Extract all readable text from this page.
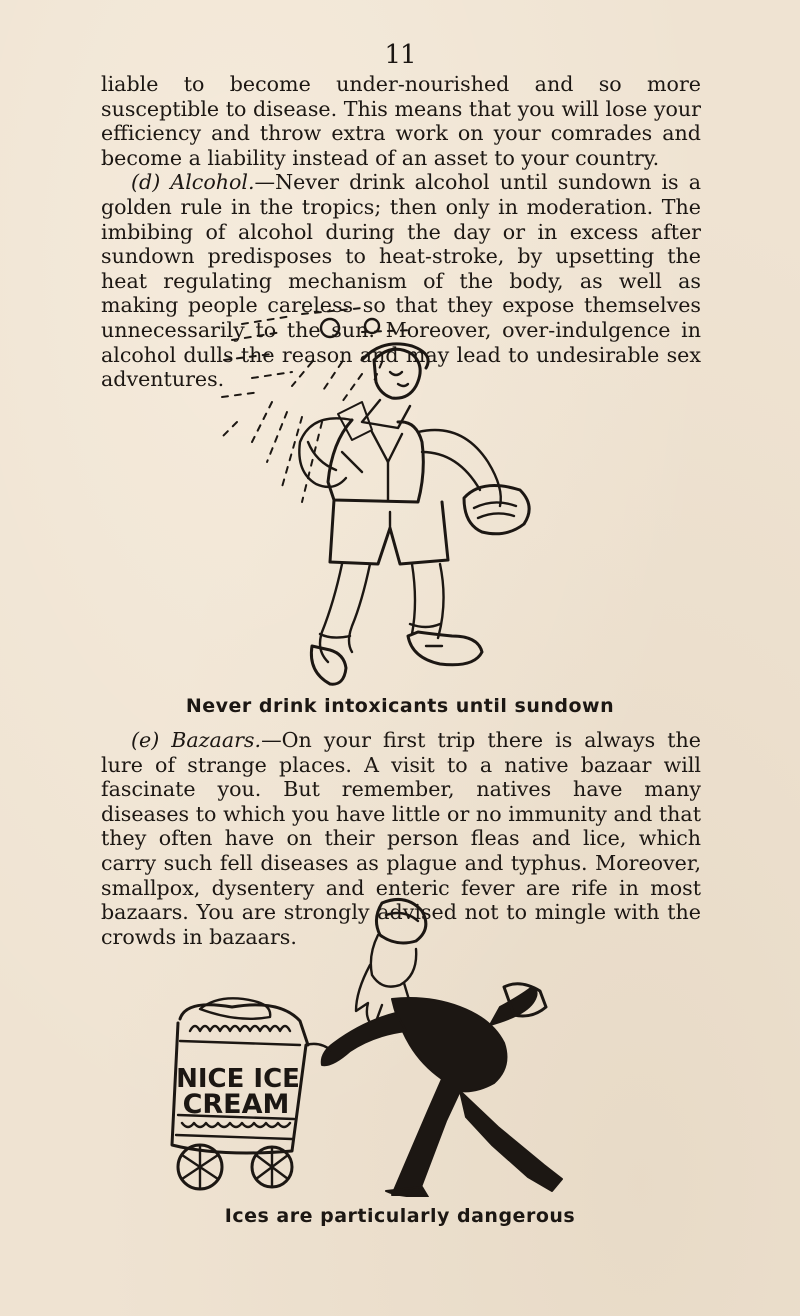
11

liable to become under-nourished and so more susceptible to disease. This means that you will lose your efficiency and throw extra work on your comrades and become a liability instead of an asset to your country.

(d) Alcohol.—Never drink alcohol until sundown is a golden rule in the tropics; then only in moderation. The imbibing of alcohol during the day or in excess after sundown predisposes to heat-stroke, by upsetting the heat regulating mechanism of the body, as well as making people careless so that they expose themselves unnecessarily to the sun. Moreover, over-indulgence in alcohol dulls the reason and may lead to undesirable sex adventures.

Never drink intoxicants until sundown

(e) Bazaars.—On your first trip there is always the lure of strange places. A visit to a native bazaar will fascinate you. But remember, natives have many diseases to which you have little or no immunity and that they often have on their person fleas and lice, which carry such fell diseases as plague and typhus. Moreover, smallpox, dysentery and enteric fever are rife in most bazaars. You are strongly advised not to mingle with the crowds in bazaars.

NICE ICE
CREAM
Ices are particularly dangerous
